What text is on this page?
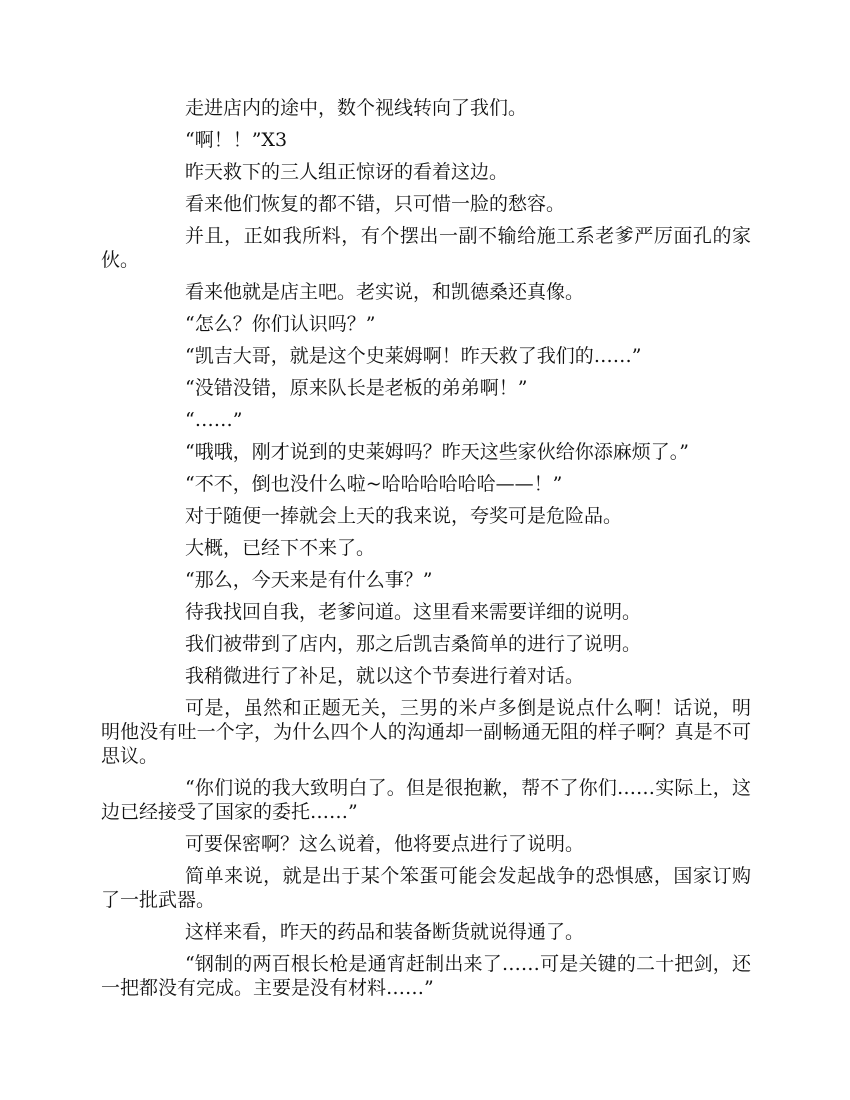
走进店内的途中，数个视线转向了我们。

“啊！！”X3

昨天救下的三人组正惊讶的看着这边。

看来他们恢复的都不错，只可惜一脸的愁容。

并且，正如我所料，有个摆出一副不输给施工系老爹严厉面孔的家伙。

看来他就是店主吧。老实说，和凯德桑还真像。

“怎么？你们认识吗？”

“凯吉大哥，就是这个史莱姆啊！昨天救了我们的……”

“没错没错，原来队长是老板的弟弟啊！”

“……”

“哦哦，刚才说到的史莱姆吗？昨天这些家伙给你添麻烦了。”

“不不，倒也没什么啦~哈哈哈哈哈哈——！”

对于随便一捧就会上天的我来说，夸奖可是危险品。

大概，已经下不来了。

“那么，今天来是有什么事？”

待我找回自我，老爹问道。这里看来需要详细的说明。

我们被带到了店内，那之后凯吉桑简单的进行了说明。

我稍微进行了补足，就以这个节奏进行着对话。

可是，虽然和正题无关，三男的米卢多倒是说点什么啊！话说，明明他没有吐一个字，为什么四个人的沟通却一副畅通无阻的样子啊？真是不可思议。

“你们说的我大致明白了。但是很抱歉，帮不了你们……实际上，这边已经接受了国家的委托……”

可要保密啊？这么说着，他将要点进行了说明。

简单来说，就是出于某个笨蛋可能会发起战争的恐惧感，国家订购了一批武器。

这样来看，昨天的药品和装备断货就说得通了。

“钢制的两百根长枪是通宵赶制出来了……可是关键的二十把剑，还一把都没有完成。主要是没有材料……”
